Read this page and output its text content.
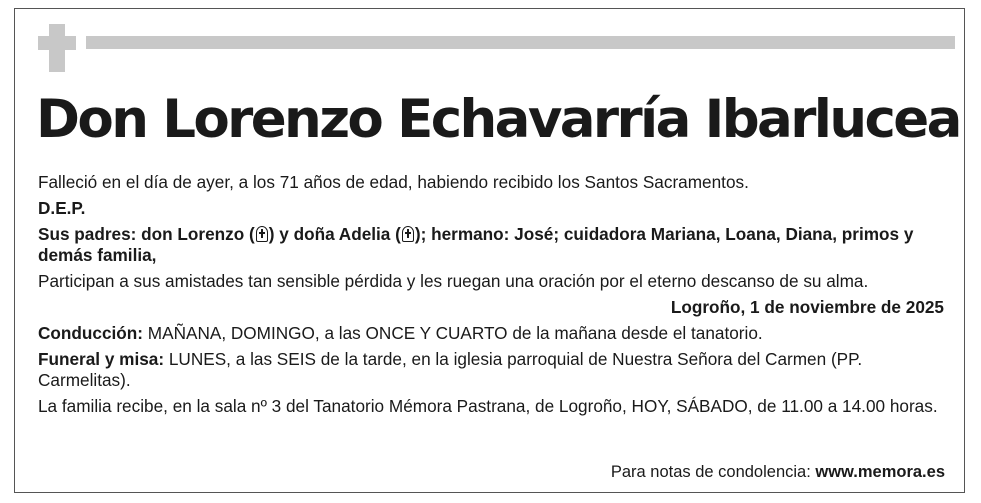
Don Lorenzo Echavarría Ibarlucea

Falleció en el día de ayer, a los 71 años de edad, habiendo recibido los Santos Sacramentos.

D.E.P.

Sus padres: don Lorenzo ( ) y doña Adelia ( ); hermano: José; cuidadora Mariana, Loana, Diana, primos y demás familia,

Participan a sus amistades tan sensible pérdida y les ruegan una oración por el eterno descanso de su alma.

Logroño, 1 de noviembre de 2025

Conducción: MAÑANA, DOMINGO, a las ONCE Y CUARTO de la mañana desde el tanatorio.

Funeral y misa: LUNES, a las SEIS de la tarde, en la iglesia parroquial de Nuestra Señora del Carmen (PP. Carmelitas).

La familia recibe, en la sala nº 3 del Tanatorio Mémora Pastrana, de Logroño, HOY, SÁBADO, de 11.00 a 14.00 horas.

Para notas de condolencia: www.memora.es
